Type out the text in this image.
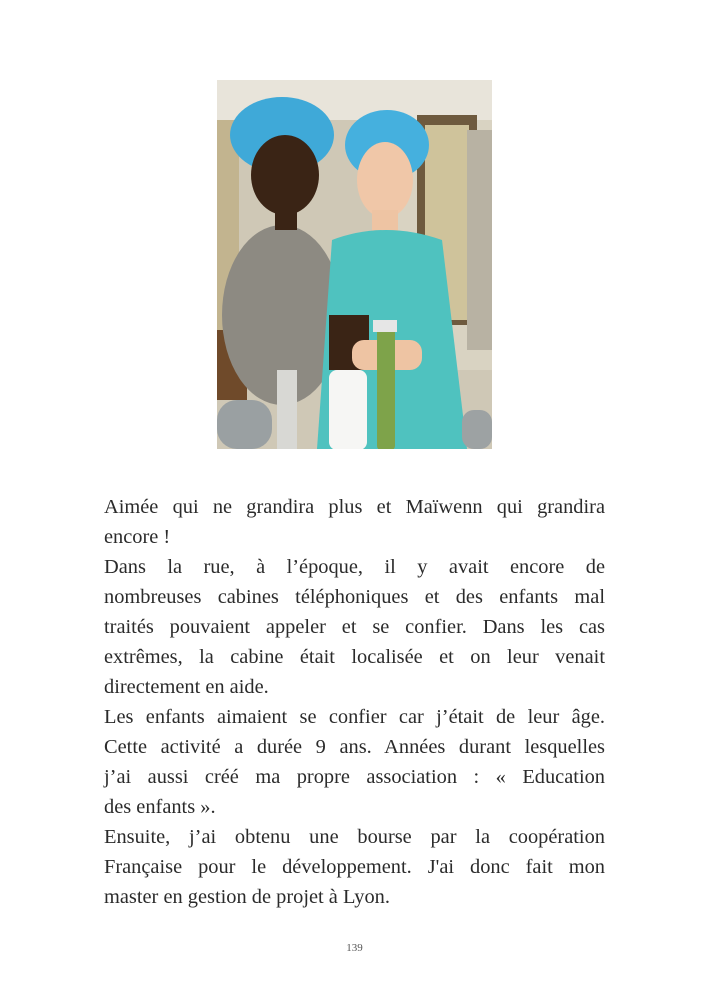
Aimée qui ne grandira plus et Maïwenn qui grandira
encore !
Dans la rue, à l’époque, il y avait encore de
nombreuses cabines téléphoniques et des enfants mal
traités pouvaient appeler et se confier. Dans les cas
extrêmes, la cabine était localisée et on leur venait
directement en aide.
Les enfants aimaient se confier car j’était de leur âge.
Cette activité a durée 9 ans. Années durant lesquelles
j’ai aussi créé ma propre association : « Education
des enfants ».
Ensuite, j’ai obtenu une bourse par la coopération
Française pour le développement. J'ai donc fait mon
master en gestion de projet à Lyon.
139
